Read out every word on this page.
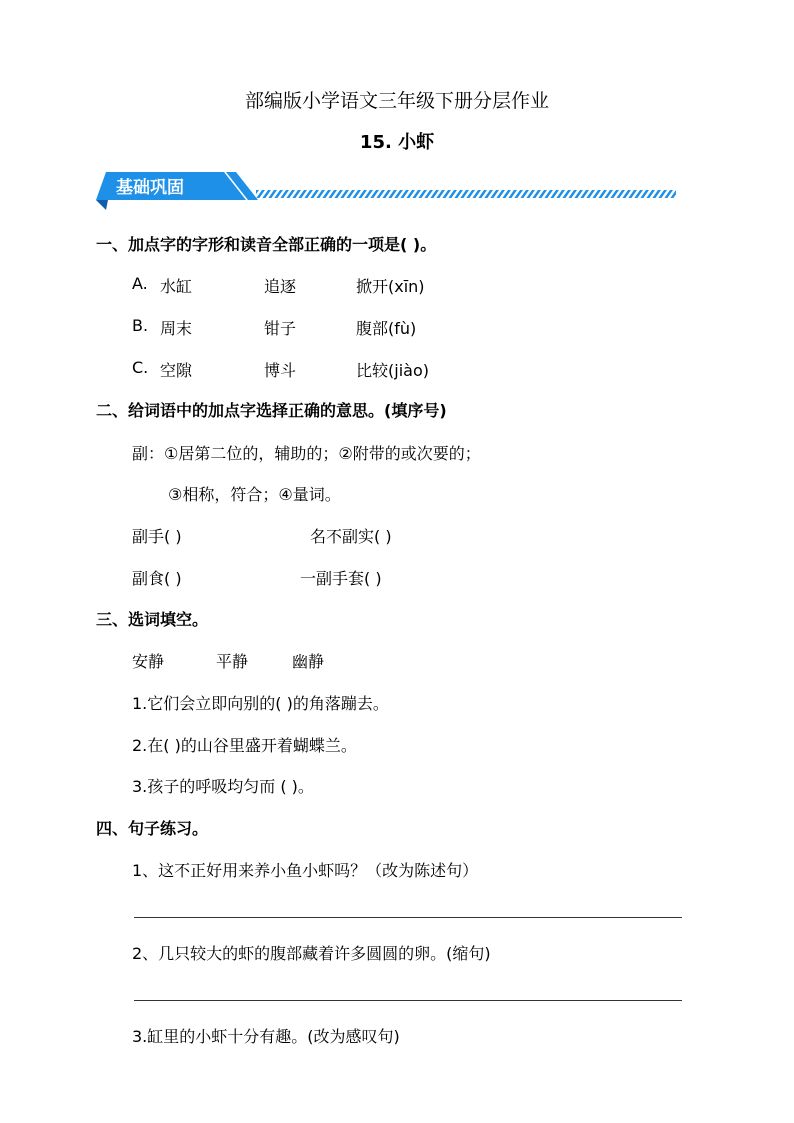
部编版小学语文三年级下册分层作业
15. 小虾
基础巩固
一、加点字的字形和读音全部正确的一项是( )。
A. 水缸	追逐	掀开(xīn)
B. 周末	钳子	腹部(fù)
C. 空隙	博斗	比较(jiào)
二、给词语中的加点字选择正确的意思。(填序号)
副：①居第二位的，辅助的；②附带的或次要的；
③相称，符合；④量词。
副手( )	名不副实( )
副食( )	一副手套( )
三、选词填空。
安静	平静	幽静
1.它们会立即向别的( )的角落蹦去。
2.在( )的山谷里盛开着蝴蝶兰。
3.孩子的呼吸均匀而 ( )。
四、句子练习。
1、这不正好用来养小鱼小虾吗？（改为陈述句）
2、几只较大的虾的腹部藏着许多圆圆的卵。(缩句)
3.缸里的小虾十分有趣。(改为感叹句)
